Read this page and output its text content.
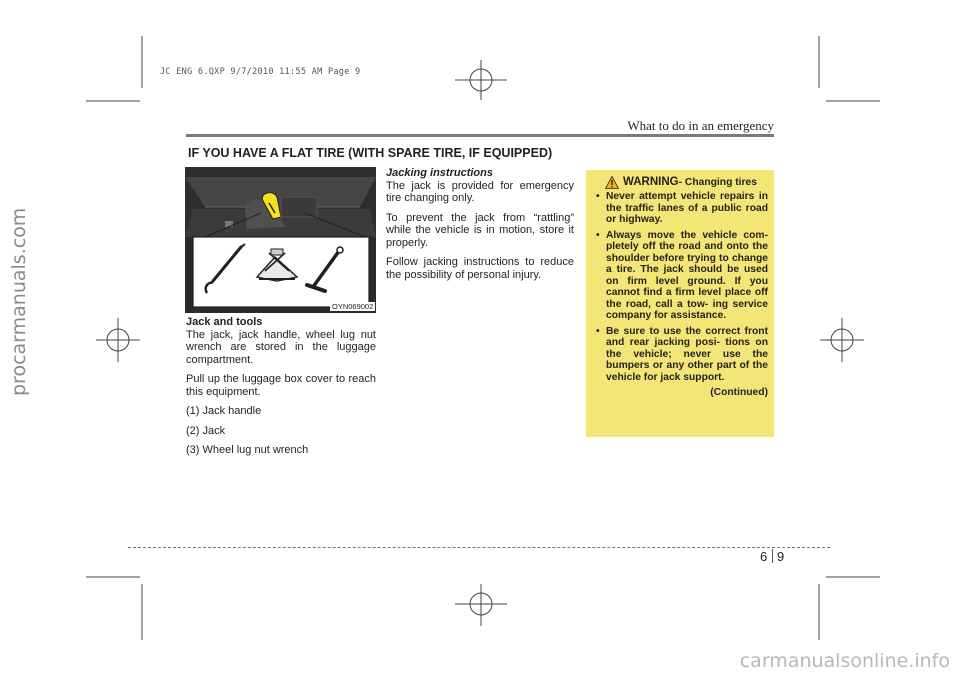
JC ENG 6.QXP 9/7/2010 11:55 AM Page 9
procarmanuals.com
carmanualsonline.info
What to do in an emergency
IF YOU HAVE A FLAT TIRE (WITH SPARE TIRE, IF EQUIPPED)
OYN069002

Jack and tools

The jack, jack handle, wheel lug nut wrench are stored in the luggage compartment.

Pull up the luggage box cover to reach this equipment.

(1) Jack handle

(2) Jack

(3) Wheel lug nut wrench

Jacking instructions

The jack is provided for emergency tire changing only.

To prevent the jack from “rattling” while the vehicle is in motion, store it properly.

Follow jacking instructions to reduce the possibility of personal injury.

WARNING - Changing tires
• Never attempt vehicle repairs in the traffic lanes of a public road or highway.
• Always move the vehicle com- pletely off the road and onto the shoulder before trying to change a tire. The jack should be used on firm level ground. If you cannot find a firm level place off the road, call a tow- ing service company for assistance.
• Be sure to use the correct front and rear jacking posi- tions on the vehicle; never use the bumpers or any other part of the vehicle for jack support.
(Continued)
6 9
